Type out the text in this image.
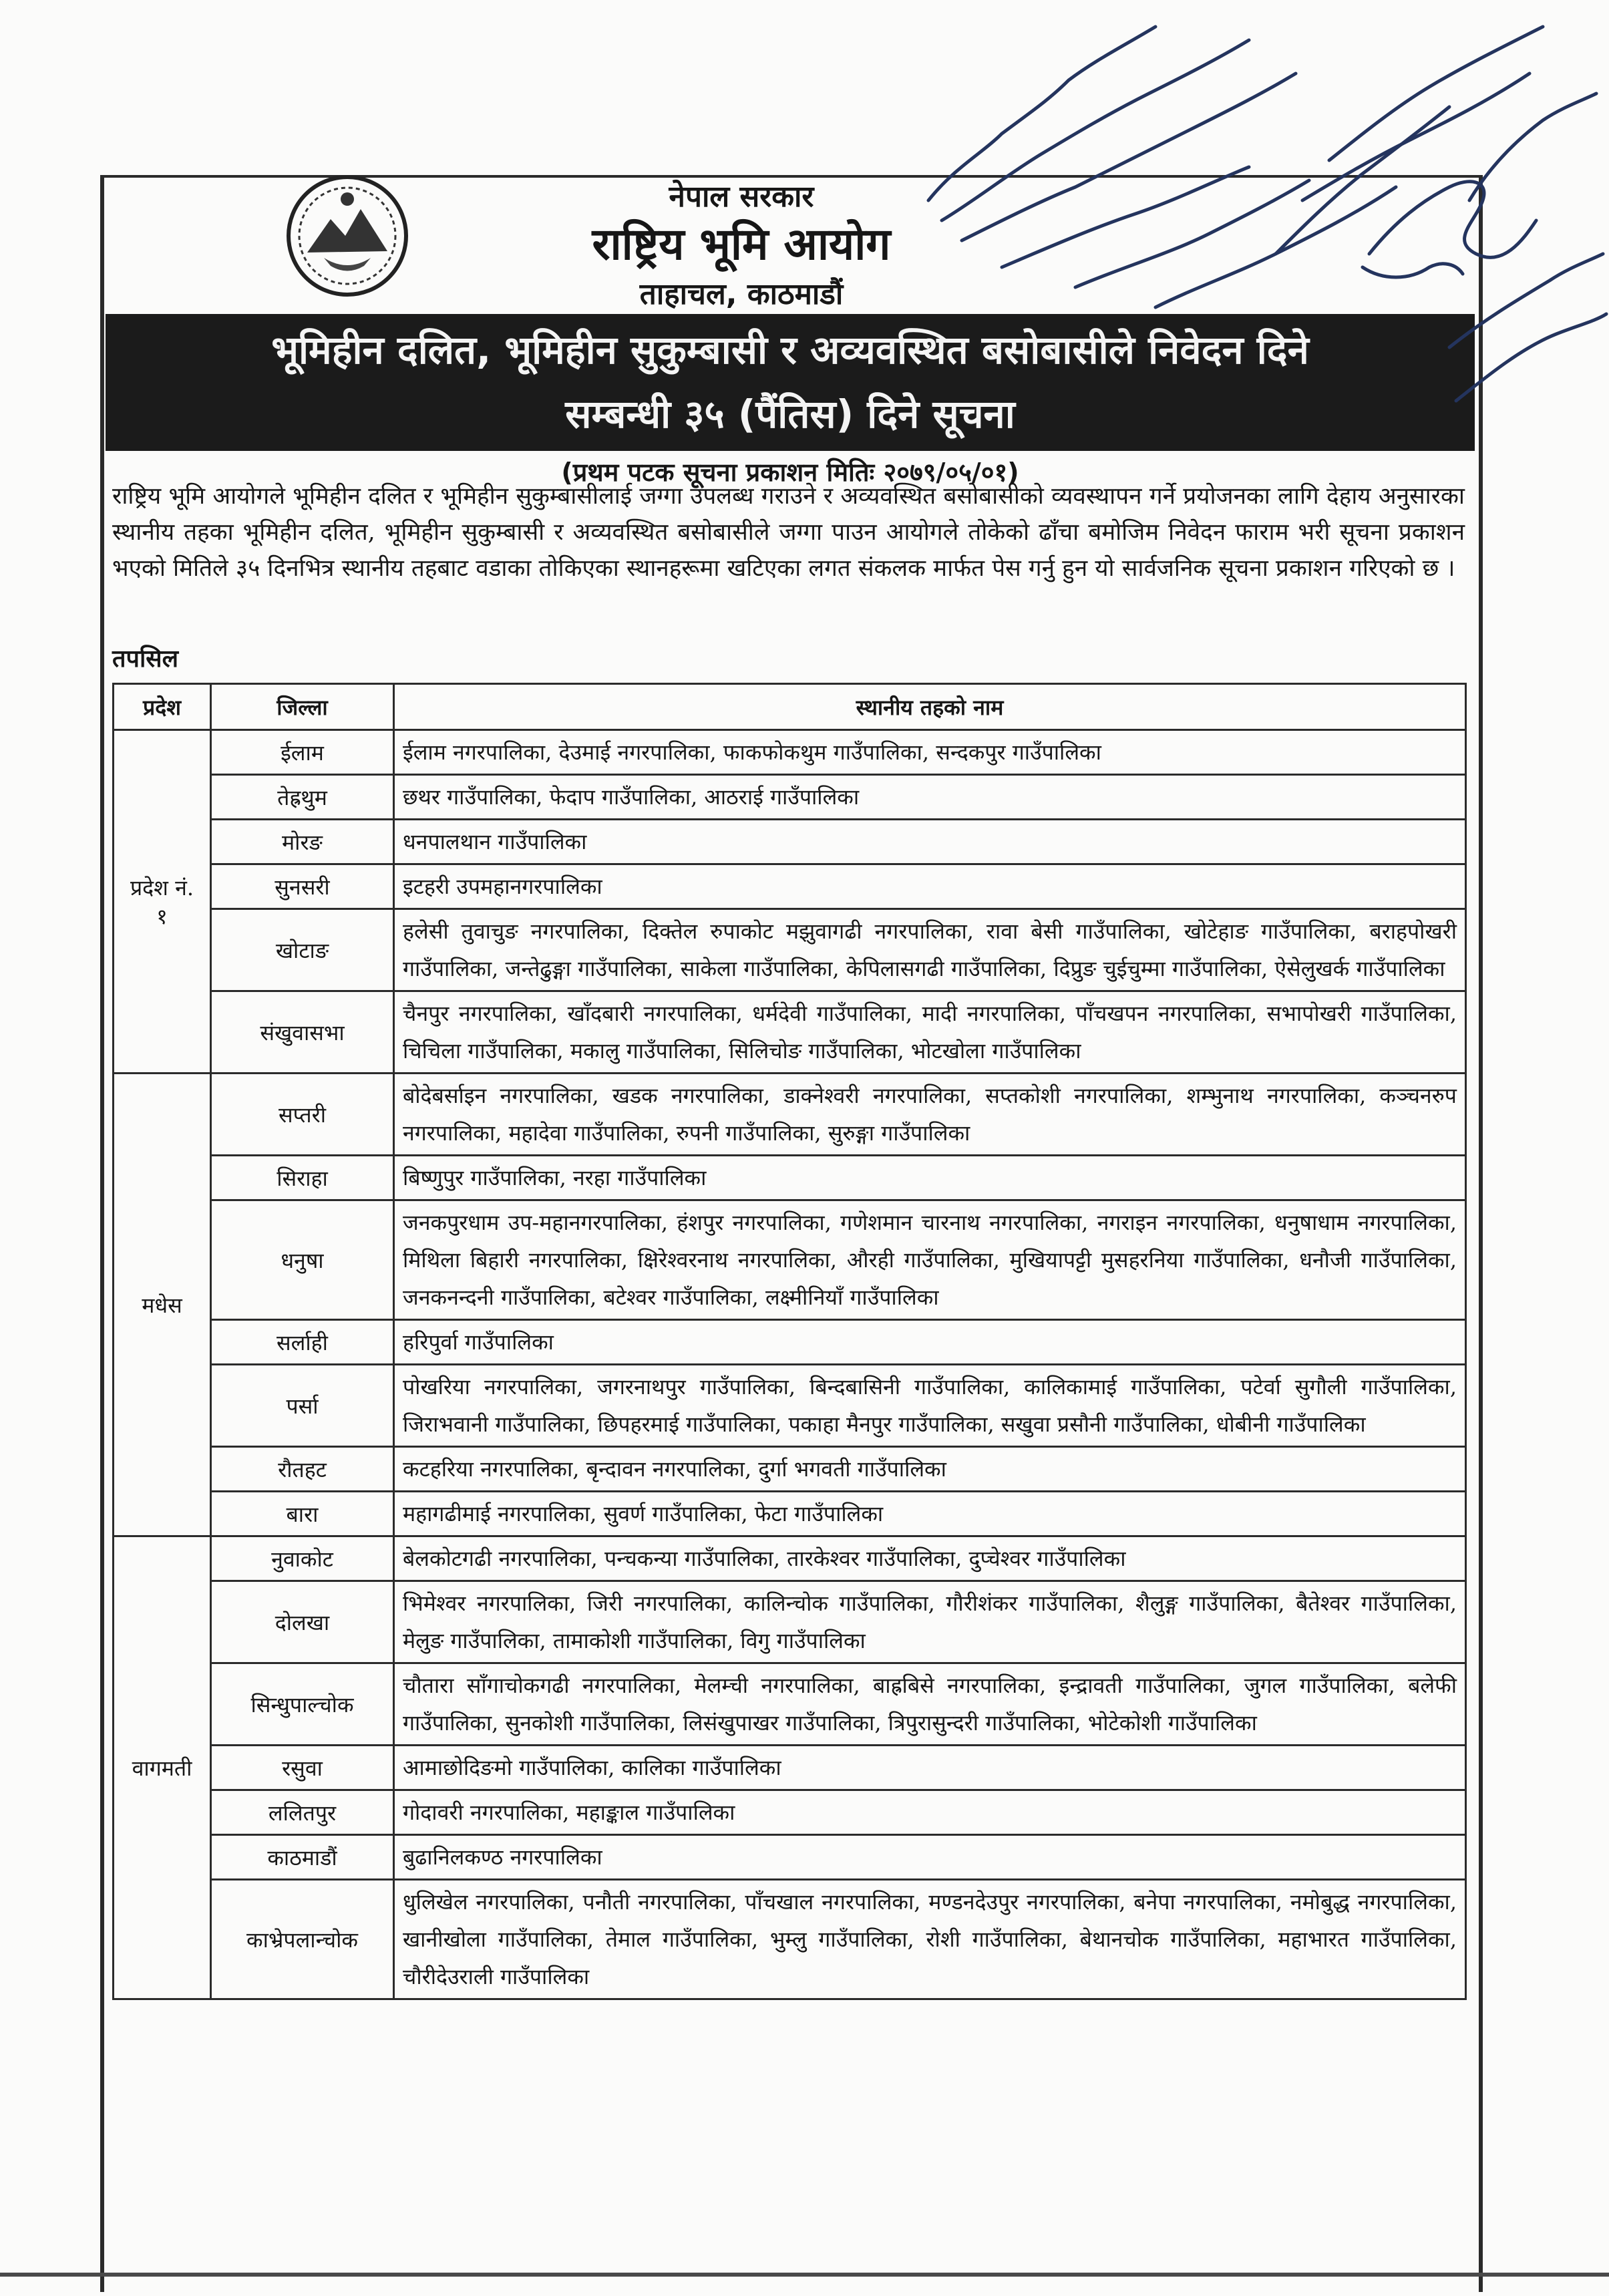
नेपाल सरकार
राष्ट्रिय भूमि आयोग
ताहाचल, काठमाडौं
भूमिहीन दलित, भूमिहीन सुकुम्बासी र अव्यवस्थित बसोबासीले निवेदन दिने
सम्बन्धी ३५ (पैंतिस) दिने सूचना
(प्रथम पटक सूचना प्रकाशन मितिः २०७९/०५/०१)
राष्ट्रिय भूमि आयोगले भूमिहीन दलित र भूमिहीन सुकुम्बासीलाई जग्गा उपलब्ध गराउने र अव्यवस्थित बसोबासीको व्यवस्थापन गर्ने प्रयोजनका लागि देहाय अनुसारका स्थानीय तहका भूमिहीन दलित, भूमिहीन सुकुम्बासी र अव्यवस्थित बसोबासीले जग्गा पाउन आयोगले तोकेको ढाँचा बमोजिम निवेदन फाराम भरी सूचना प्रकाशन भएको मितिले ३५ दिनभित्र स्थानीय तहबाट वडाका तोकिएका स्थानहरूमा खटिएका लगत संकलक मार्फत पेस गर्नु हुन यो सार्वजनिक सूचना प्रकाशन गरिएको छ ।
तपसिल
प्रदेश	जिल्ला	स्थानीय तहको नाम
प्रदेश नं. १	ईलाम	ईलाम नगरपालिका, देउमाई नगरपालिका, फाकफोकथुम गाउँपालिका, सन्दकपुर गाउँपालिका
	तेह्रथुम	छथर गाउँपालिका, फेदाप गाउँपालिका, आठराई गाउँपालिका
	मोरङ	धनपालथान गाउँपालिका
	सुनसरी	इटहरी उपमहानगरपालिका
	खोटाङ	हलेसी तुवाचुङ नगरपालिका, दिक्तेल रुपाकोट मझुवागढी नगरपालिका, रावा बेसी गाउँपालिका, खोटेहाङ गाउँपालिका, बराहपोखरी गाउँपालिका, जन्तेढुङ्गा गाउँपालिका, साकेला गाउँपालिका, केपिलासगढी गाउँपालिका, दिप्रुङ चुईचुम्मा गाउँपालिका, ऐसेलुखर्क गाउँपालिका
	संखुवासभा	चैनपुर नगरपालिका, खाँदबारी नगरपालिका, धर्मदेवी गाउँपालिका, मादी नगरपालिका, पाँचखपन नगरपालिका, सभापोखरी गाउँपालिका, चिचिला गाउँपालिका, मकालु गाउँपालिका, सिलिचोङ गाउँपालिका, भोटखोला गाउँपालिका
मधेस	सप्तरी	बोदेबर्साइन नगरपालिका, खडक नगरपालिका, डाक्नेश्वरी नगरपालिका, सप्तकोशी नगरपालिका, शम्भुनाथ नगरपालिका, कञ्चनरुप नगरपालिका, महादेवा गाउँपालिका, रुपनी गाउँपालिका, सुरुङ्गा गाउँपालिका
	सिराहा	बिष्णुपुर गाउँपालिका, नरहा गाउँपालिका
	धनुषा	जनकपुरधाम उप-महानगरपालिका, हंशपुर नगरपालिका, गणेशमान चारनाथ नगरपालिका, नगराइन नगरपालिका, धनुषाधाम नगरपालिका, मिथिला बिहारी नगरपालिका, क्षिरेश्वरनाथ नगरपालिका, औरही गाउँपालिका, मुखियापट्टी मुसहरनिया गाउँपालिका, धनौजी गाउँपालिका, जनकनन्दनी गाउँपालिका, बटेश्वर गाउँपालिका, लक्ष्मीनियाँ गाउँपालिका
	सर्लाही	हरिपुर्वा गाउँपालिका
	पर्सा	पोखरिया नगरपालिका, जगरनाथपुर गाउँपालिका, बिन्दबासिनी गाउँपालिका, कालिकामाई गाउँपालिका, पटेर्वा सुगौली गाउँपालिका, जिराभवानी गाउँपालिका, छिपहरमाई गाउँपालिका, पकाहा मैनपुर गाउँपालिका, सखुवा प्रसौनी गाउँपालिका, धोबीनी गाउँपालिका
	रौतहट	कटहरिया नगरपालिका, बृन्दावन नगरपालिका, दुर्गा भगवती गाउँपालिका
	बारा	महागढीमाई नगरपालिका, सुवर्ण गाउँपालिका, फेटा गाउँपालिका
वागमती	नुवाकोट	बेलकोटगढी नगरपालिका, पन्चकन्या गाउँपालिका, तारकेश्वर गाउँपालिका, दुप्चेश्वर गाउँपालिका
	दोलखा	भिमेश्वर नगरपालिका, जिरी नगरपालिका, कालिन्चोक गाउँपालिका, गौरीशंकर गाउँपालिका, शैलुङ्ग गाउँपालिका, बैतेश्वर गाउँपालिका, मेलुङ गाउँपालिका, तामाकोशी गाउँपालिका, विगु गाउँपालिका
	सिन्धुपाल्चोक	चौतारा साँगाचोकगढी नगरपालिका, मेलम्ची नगरपालिका, बाह्रबिसे नगरपालिका, इन्द्रावती गाउँपालिका, जुगल गाउँपालिका, बलेफी गाउँपालिका, सुनकोशी गाउँपालिका, लिसंखुपाखर गाउँपालिका, त्रिपुरासुन्दरी गाउँपालिका, भोटेकोशी गाउँपालिका
	रसुवा	आमाछोदिङमो गाउँपालिका, कालिका गाउँपालिका
	ललितपुर	गोदावरी नगरपालिका, महाङ्काल गाउँपालिका
	काठमाडौं	बुढानिलकण्ठ नगरपालिका
	काभ्रेपलान्चोक	धुलिखेल नगरपालिका, पनौती नगरपालिका, पाँचखाल नगरपालिका, मण्डनदेउपुर नगरपालिका, बनेपा नगरपालिका, नमोबुद्ध नगरपालिका, खानीखोला गाउँपालिका, तेमाल गाउँपालिका, भुम्लु गाउँपालिका, रोशी गाउँपालिका, बेथानचोक गाउँपालिका, महाभारत गाउँपालिका, चौरीदेउराली गाउँपालिका
